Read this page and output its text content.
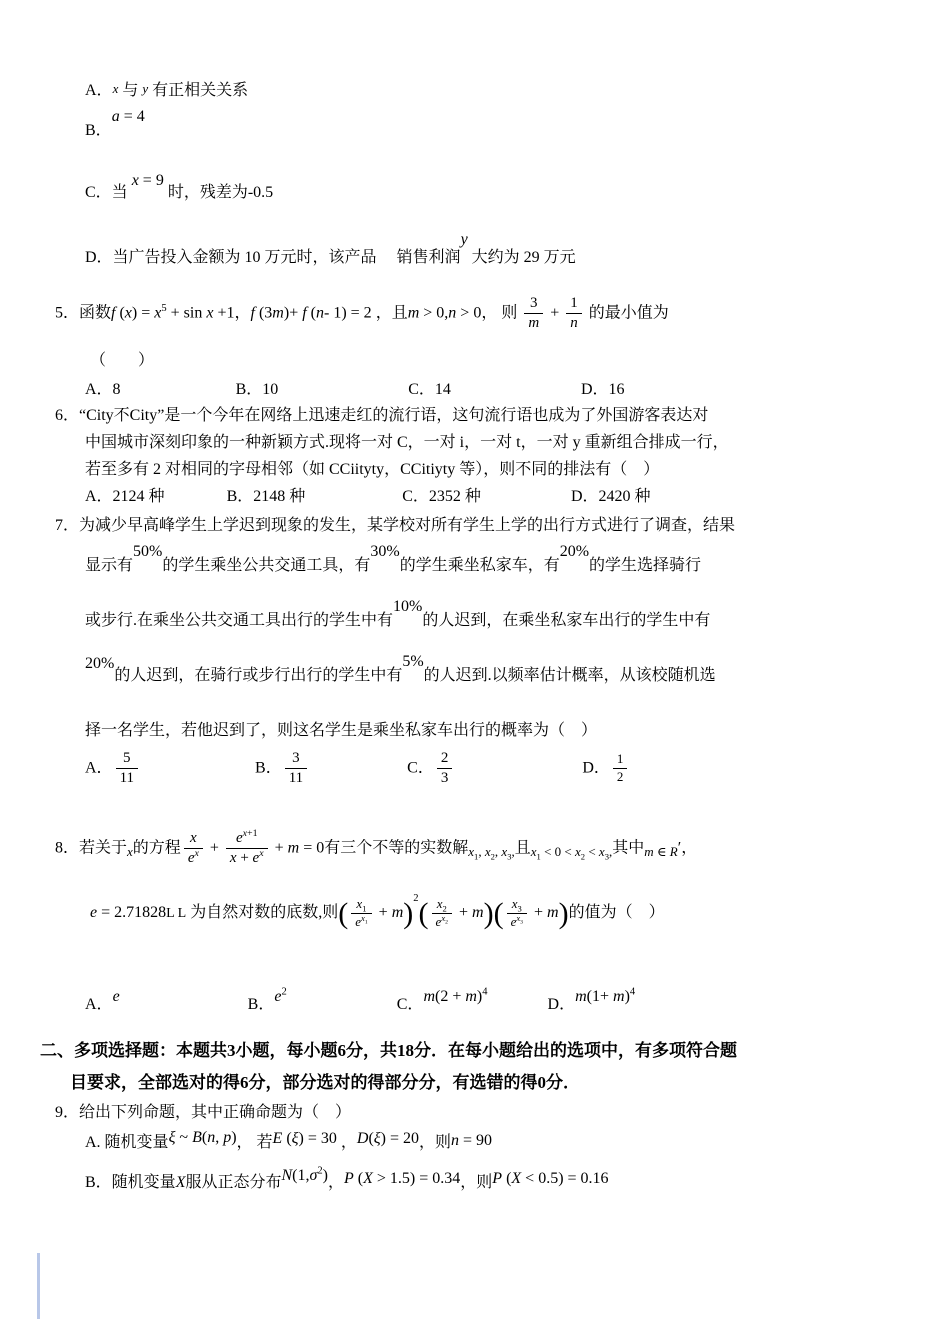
A．x 与 y 有正相关关系
B．a = 4
C．当 x = 9 时，残差为-0.5
D．当广告投入金额为 10 万元时，该产品　 销售利润y 大约为 29 万元
5．函数f $(x) = x^5 + \sin x +1$，f (3m)+ f (n- 1) = 2 ，且m > 0,n > 0， 则 $\frac{3}{m} + \frac{1}{n}$ 的最小值为
（　　）
A．8	B．10	C．14	D．16
6．“City不City”是一个今年在网络上迅速走红的流行语，这句流行语也成为了外国游客表达对
中国城市深刻印象的一种新颖方式.现将一对 C，一对 i，一对 t，一对 y 重新组合排成一行，
若至多有 2 对相同的字母相邻（如 CCiityty，CCitiyty 等），则不同的排法有（　）
A．2124 种	B．2148 种	C．2352 种	D．2420 种
7．为减少早高峰学生上学迟到现象的发生，某学校对所有学生上学的出行方式进行了调查，结果
显示有50%的学生乘坐公共交通工具，有30%的学生乘坐私家车，有20%的学生选择骑行
或步行.在乘坐公共交通工具出行的学生中有10%的人迟到，在乘坐私家车出行的学生中有
20%的人迟到，在骑行或步行出行的学生中有5%的人迟到.以频率估计概率，从该校随机选
择一名学生，若他迟到了，则这名学生是乘坐私家车出行的概率为（　）
A． $\frac{5}{11}$	B． $\frac{3}{11}$	C． $\frac{2}{3}$	D． $\frac{1}{2}$
8．若关于$_x$的方程 $\frac{x}{e^x} + \frac{e^{x+1}}{x + e^x} + m = 0$有三个不等的实数解$x_1$, $x_2$, $x_3$,且$x_1 < 0 < x_2 < x_3$,其中m ∈ R′，
e = 2.71828L L 为自然对数的底数,则( $\frac{x_1}{e^{x_1}} + m)^2( \frac{x_2}{e^{x_2}} + m)( \frac{x_3}{e^{x_3}} + m)$的值为（　）
A．e	B．$e^2C$．$m(2 + m)^4D$．$m(1+ m)^4$
二、多项选择题：本题共3小题，每小题6分，共18分．在每小题给出的选项中，有多项符合题
目要求，全部选对的得6分，部分选对的得部分分，有选错的得0分．
9．给出下列命题，其中正确命题为（　）
A. 随机变量ξ ~ B(n, p)， 若E (ξ) = 30 ，D(ξ) = 20，则n = 90
B．随机变量X服从正态分布$N(1,\sigma^2)$，P (X > 1.5) = 0.34，则P (X < 0.5) = 0.16
